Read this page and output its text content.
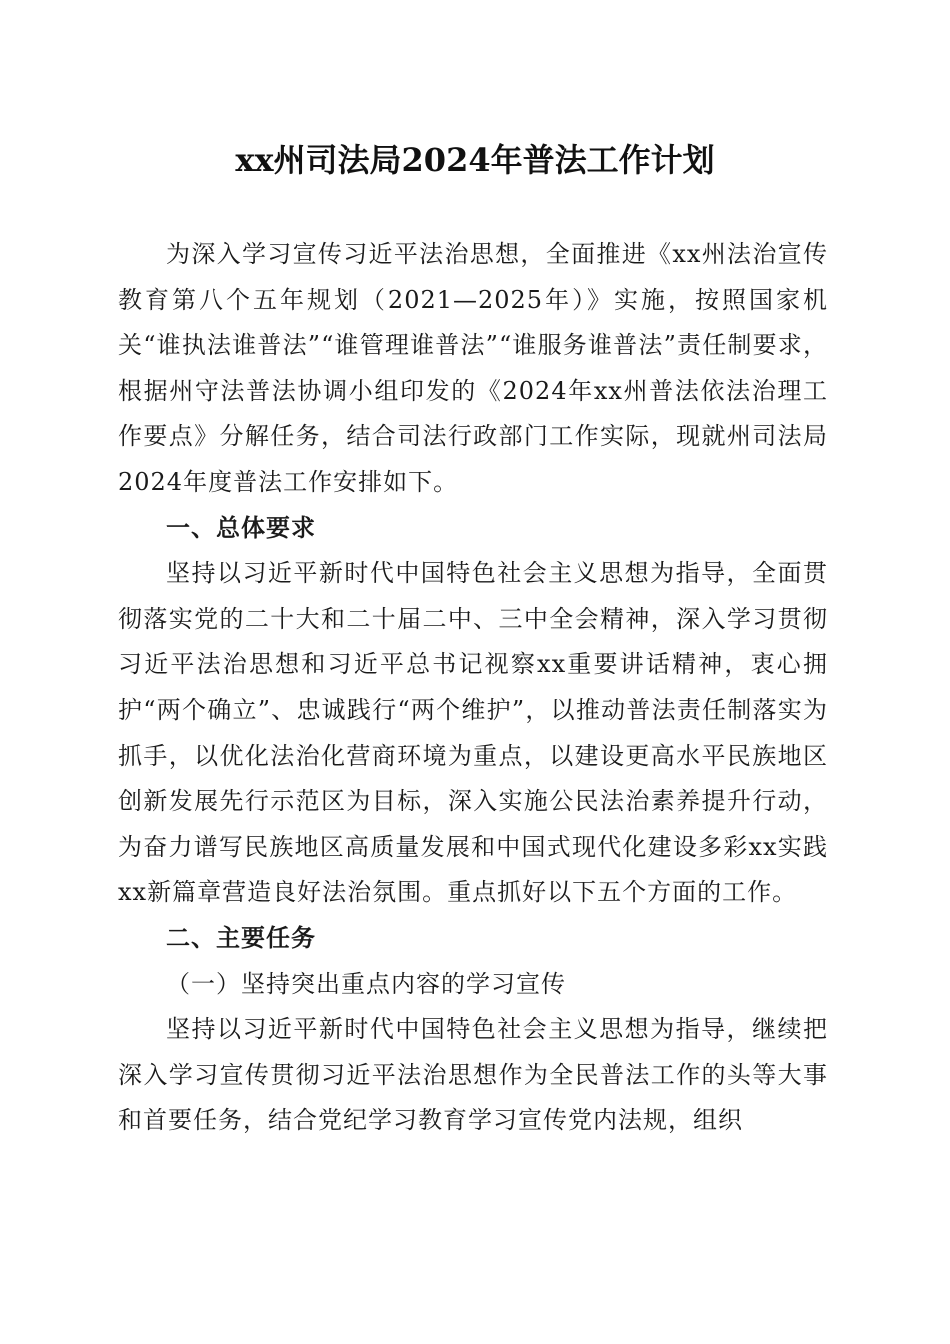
xx州司法局2024年普法工作计划

为深入学习宣传习近平法治思想，全面推进《xx州法治宣传教育第八个五年规划（2021—2025年）》实施，按照国家机关“谁执法谁普法”“谁管理谁普法”“谁服务谁普法”责任制要求，根据州守法普法协调小组印发的《2024年xx州普法依法治理工作要点》分解任务，结合司法行政部门工作实际，现就州司法局2024年度普法工作安排如下。

一、总体要求

坚持以习近平新时代中国特色社会主义思想为指导，全面贯彻落实党的二十大和二十届二中、三中全会精神，深入学习贯彻习近平法治思想和习近平总书记视察xx重要讲话精神，衷心拥护“两个确立”、忠诚践行“两个维护”，以推动普法责任制落实为抓手，以优化法治化营商环境为重点，以建设更高水平民族地区创新发展先行示范区为目标，深入实施公民法治素养提升行动，为奋力谱写民族地区高质量发展和中国式现代化建设多彩xx实践xx新篇章营造良好法治氛围。重点抓好以下五个方面的工作。

二、主要任务
（一）坚持突出重点内容的学习宣传

坚持以习近平新时代中国特色社会主义思想为指导，继续把深入学习宣传贯彻习近平法治思想作为全民普法工作的头等大事和首要任务，结合党纪学习教育学习宣传党内法规，组织
